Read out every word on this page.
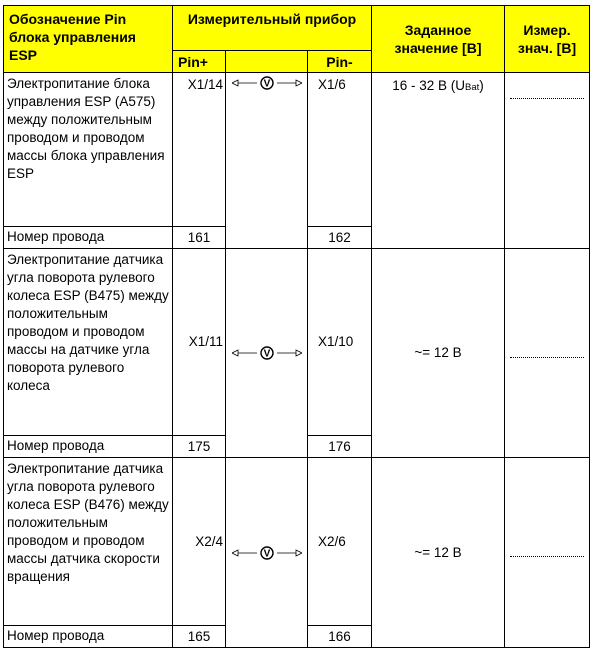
Обозначение Pin блока управления ESP	Измерительный прибор			Заданное значение [В]	Измер. знач. [В]
	Pin+		Pin-		
Электропитание блока управления ESP (A575) между положительным проводом и проводом массы блока управления ESP	X1/14	V	X1/6	16 - 32 В (UBat)	
Номер провода	161		162		
Электропитание датчика угла поворота рулевого колеса ESP (B475) между положительным проводом и проводом массы на датчике угла поворота рулевого колеса	X1/11	V	X1/10	~= 12 В	
Номер провода	175		176		
Электропитание датчика угла поворота рулевого колеса ESP (B476) между положительным проводом и проводом массы датчика скорости вращения	X2/4	V	X2/6	~= 12 В	
Номер провода	165		166		
